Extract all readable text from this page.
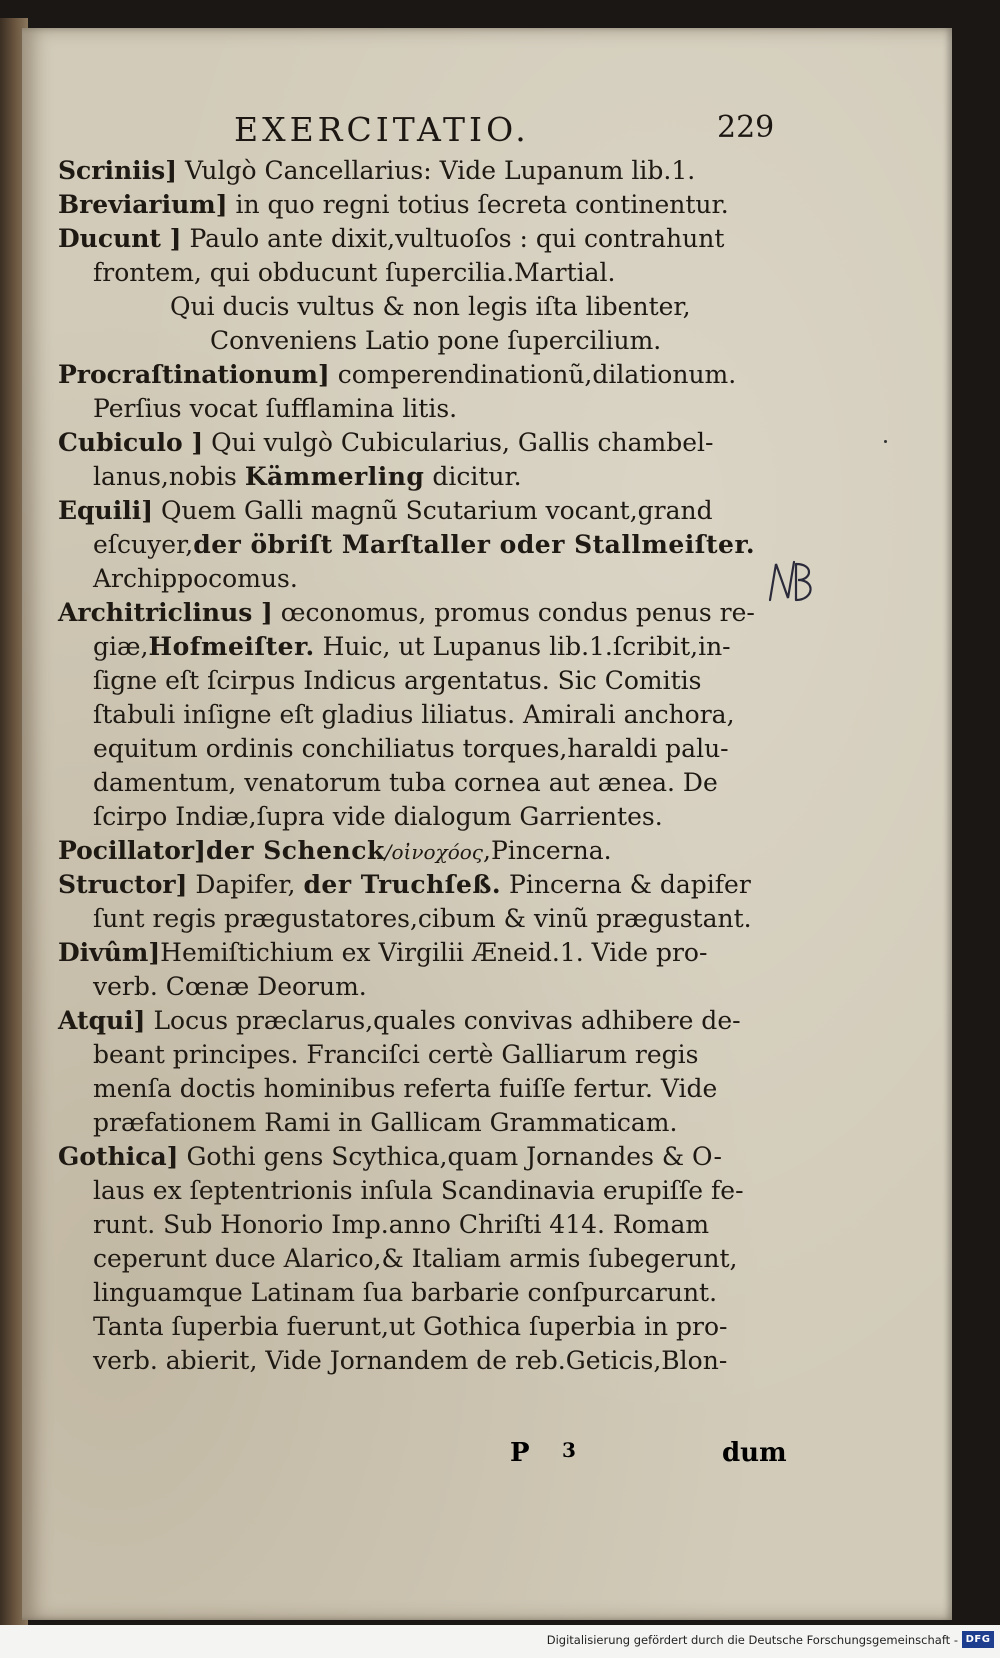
EXERCITATIO.	229
Scriniis] Vulgò Cancellarius: Vide Lupanum lib.1.
Breviarium] in quo regni totius ſecreta continentur.
Ducunt ] Paulo ante dixit,vultuoſos : qui contrahunt
frontem, qui obducunt ſupercilia.Martial.
Qui ducis vultus & non legis iſta libenter,
Conveniens Latio pone ſupercilium.
Procraſtinationum] comperendinationũ,dilationum.
Perſius vocat ſufflamina litis.
Cubiculo ] Qui vulgò Cubicularius, Gallis chambel-
lanus,nobis Kämmerling dicitur.
Equili] Quem Galli magnũ Scutarium vocant,grand
eſcuyer,der öbriſt Marſtaller oder Stallmeiſter.
Archippocomus.
Architriclinus ] œconomus, promus condus penus re-
giæ,Hofmeiſter. Huic, ut Lupanus lib.1.ſcribit,in-
ſigne eſt ſcirpus Indicus argentatus. Sic Comitis
ſtabuli inſigne eſt gladius liliatus. Amirali anchora,
equitum ordinis conchiliatus torques,haraldi palu-
damentum, venatorum tuba cornea aut ænea. De
ſcirpo Indiæ,ſupra vide dialogum Garrientes.
Pocillator]der Schenck/οἰνοχόος,Pincerna.
Structor] Dapifer, der Truchſeß. Pincerna & dapifer
ſunt regis prægustatores,cibum & vinũ prægustant.
Divûm]Hemiſtichium ex Virgilii Æneid.1. Vide pro-
verb. Cœnæ Deorum.
Atqui] Locus præclarus,quales convivas adhibere de-
beant principes. Franciſci certè Galliarum regis
menſa doctis hominibus referta fuiſſe fertur. Vide
præfationem Rami in Gallicam Grammaticam.
Gothica] Gothi gens Scythica,quam Jornandes & O-
laus ex ſeptentrionis inſula Scandinavia erupiſſe fe-
runt. Sub Honorio Imp.anno Chriſti 414. Romam
ceperunt duce Alarico,& Italiam armis ſubegerunt,
linguamque Latinam ſua barbarie conſpurcarunt.
Tanta ſuperbia fuerunt,ut Gothica ſuperbia in pro-
verb. abierit, Vide Jornandem de reb.Geticis,Blon-
P 3	dum
Digitalisierung gefördert durch die Deutsche Forschungsgemeinschaft - DFG
